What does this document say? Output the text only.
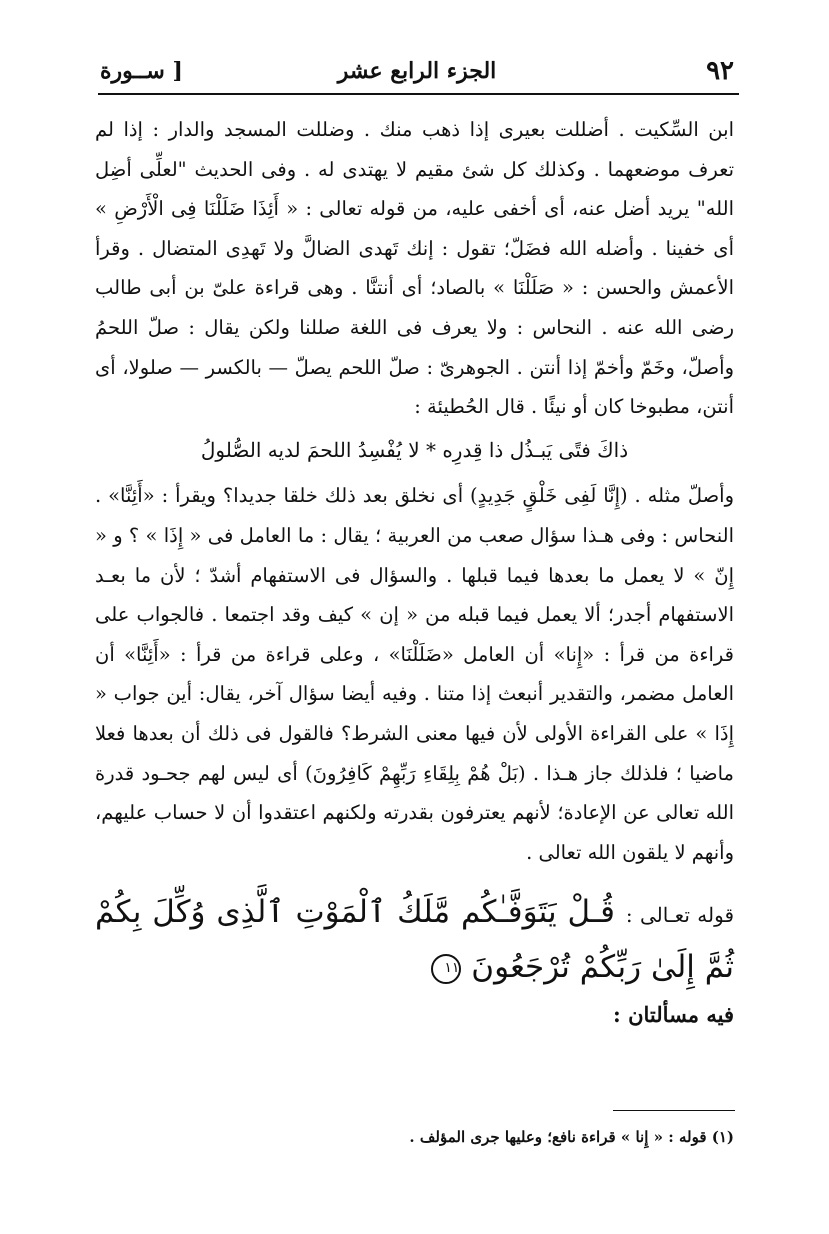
٩٢
الجزء الرابع عشر
[ ســورة

ابن السِّكيت . أضللت بعيرى إذا ذهب منك . وضللت المسجد والدار : إذا لم تعرف موضعهما . وكذلك كل شئ مقيم لا يهتدى له . وفى الحديث "لعلِّى أضِل الله" يريد أضل عنه، أى أخفى عليه، من قوله تعالى : « أَئِذَا ضَلَلْنَا فِى الْأَرْضِ » أى خفينا . وأضله الله فضَلّ؛ تقول : إنك تَهدى الضالَّ ولا تَهدِى المتضال . وقرأ الأعمش والحسن : « صَلَلْنَا » بالصاد؛ أى أنتنَّا . وهى قراءة علىّ بن أبى طالب رضى الله عنه . النحاس : ولا يعرف فى اللغة صللنا ولكن يقال : صلّ اللحمُ وأصلّ، وخَمّ وأخمّ إذا أنتن . الجوهرىّ : صلّ اللحم يصلّ — بالكسر — صلولا، أى أنتن، مطبوخا كان أو نيئًا . قال الحُطيئة :

ذاكَ فتًى يَبـذُل ذا قِدرِه * لا يُفْسِدُ اللحمَ لديه الصُّلولُ

وأصلّ مثله . (إِنَّا لَفِى خَلْقٍ جَدِيدٍ) أى نخلق بعد ذلك خلقا جديدا؟ ويقرأ : «أَئِنَّا» . النحاس : وفى هـذا سؤال صعب من العربية ؛ يقال : ما العامل فى « إِذَا » ؟ و « إِنّ » لا يعمل ما بعدها فيما قبلها . والسؤال فى الاستفهام أشدّ ؛ لأن ما بعـد الاستفهام أجدر؛ ألا يعمل فيما قبله من « إن » كيف وقد اجتمعا . فالجواب على قراءة من قرأ : «إِنا» أن العامل «ضَلَلْنَا» ، وعلى قراءة من قرأ : «أَئِنَّا» أن العامل مضمر، والتقدير أنبعث إذا متنا . وفيه أيضا سؤال آخر، يقال: أين جواب « إِذَا » على القراءة الأولى لأن فيها معنى الشرط؟ فالقول فى ذلك أن بعدها فعلا ماضيا ؛ فلذلك جاز هـذا . (بَلْ هُمْ بِلِقَاءِ رَبِّهِمْ كَافِرُونَ) أى ليس لهم جحـود قدرة الله تعالى عن الإعادة؛ لأنهم يعترفون بقدرته ولكنهم اعتقدوا أن لا حساب عليهم، وأنهم لا يلقون الله تعالى .

قوله تعـالى : قُـلْ يَتَوَفَّـٰكُم مَّلَكُ ٱلْمَوْتِ ٱلَّذِى وُكِّلَ بِكُمْ ثُمَّ إِلَىٰ رَبِّكُمْ تُرْجَعُونَ ١١

فيه مسألتان :

(١) قوله : « إِنا » قراءة نافع؛ وعليها جرى المؤلف .
